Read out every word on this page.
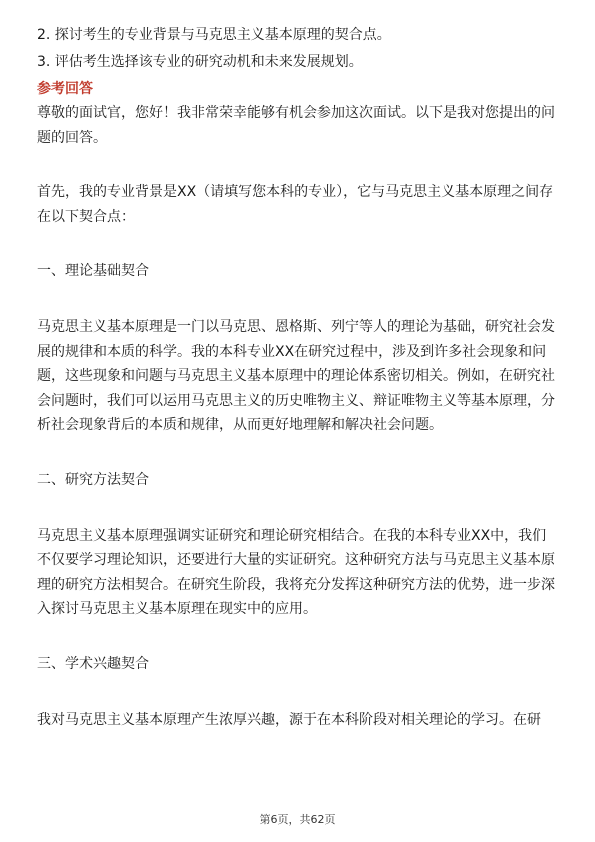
2. 探讨考生的专业背景与马克思主义基本原理的契合点。

3. 评估考生选择该专业的研究动机和未来发展规划。

参考回答

尊敬的面试官，您好！我非常荣幸能够有机会参加这次面试。以下是我对您提出的问题的回答。

首先，我的专业背景是XX（请填写您本科的专业），它与马克思主义基本原理之间存在以下契合点：

一、理论基础契合

马克思主义基本原理是一门以马克思、恩格斯、列宁等人的理论为基础，研究社会发展的规律和本质的科学。我的本科专业XX在研究过程中，涉及到许多社会现象和问题，这些现象和问题与马克思主义基本原理中的理论体系密切相关。例如，在研究社会问题时，我们可以运用马克思主义的历史唯物主义、辩证唯物主义等基本原理，分析社会现象背后的本质和规律，从而更好地理解和解决社会问题。

二、研究方法契合

马克思主义基本原理强调实证研究和理论研究相结合。在我的本科专业XX中，我们不仅要学习理论知识，还要进行大量的实证研究。这种研究方法与马克思主义基本原理的研究方法相契合。在研究生阶段，我将充分发挥这种研究方法的优势，进一步深入探讨马克思主义基本原理在现实中的应用。

三、学术兴趣契合

我对马克思主义基本原理产生浓厚兴趣，源于在本科阶段对相关理论的学习。在研

第6页，共62页
